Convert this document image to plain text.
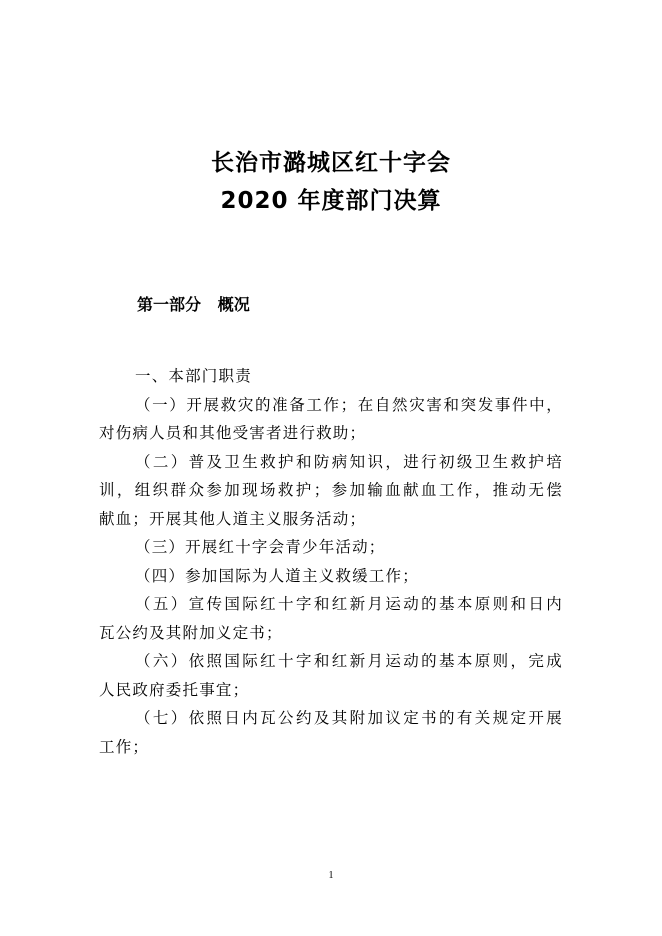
长治市潞城区红十字会
2020 年度部门决算
第一部分   概况
一、本部门职责
（一）开展救灾的准备工作；在自然灾害和突发事件中，
对伤病人员和其他受害者进行救助；
（二）普及卫生救护和防病知识，进行初级卫生救护培
训，组织群众参加现场救护；参加输血献血工作，推动无偿
献血；开展其他人道主义服务活动；
（三）开展红十字会青少年活动；
（四）参加国际为人道主义救缓工作；
（五）宣传国际红十字和红新月运动的基本原则和日内
瓦公约及其附加义定书；
（六）依照国际红十字和红新月运动的基本原则，完成
人民政府委托事宜；
（七）依照日内瓦公约及其附加议定书的有关规定开展
工作；
1
